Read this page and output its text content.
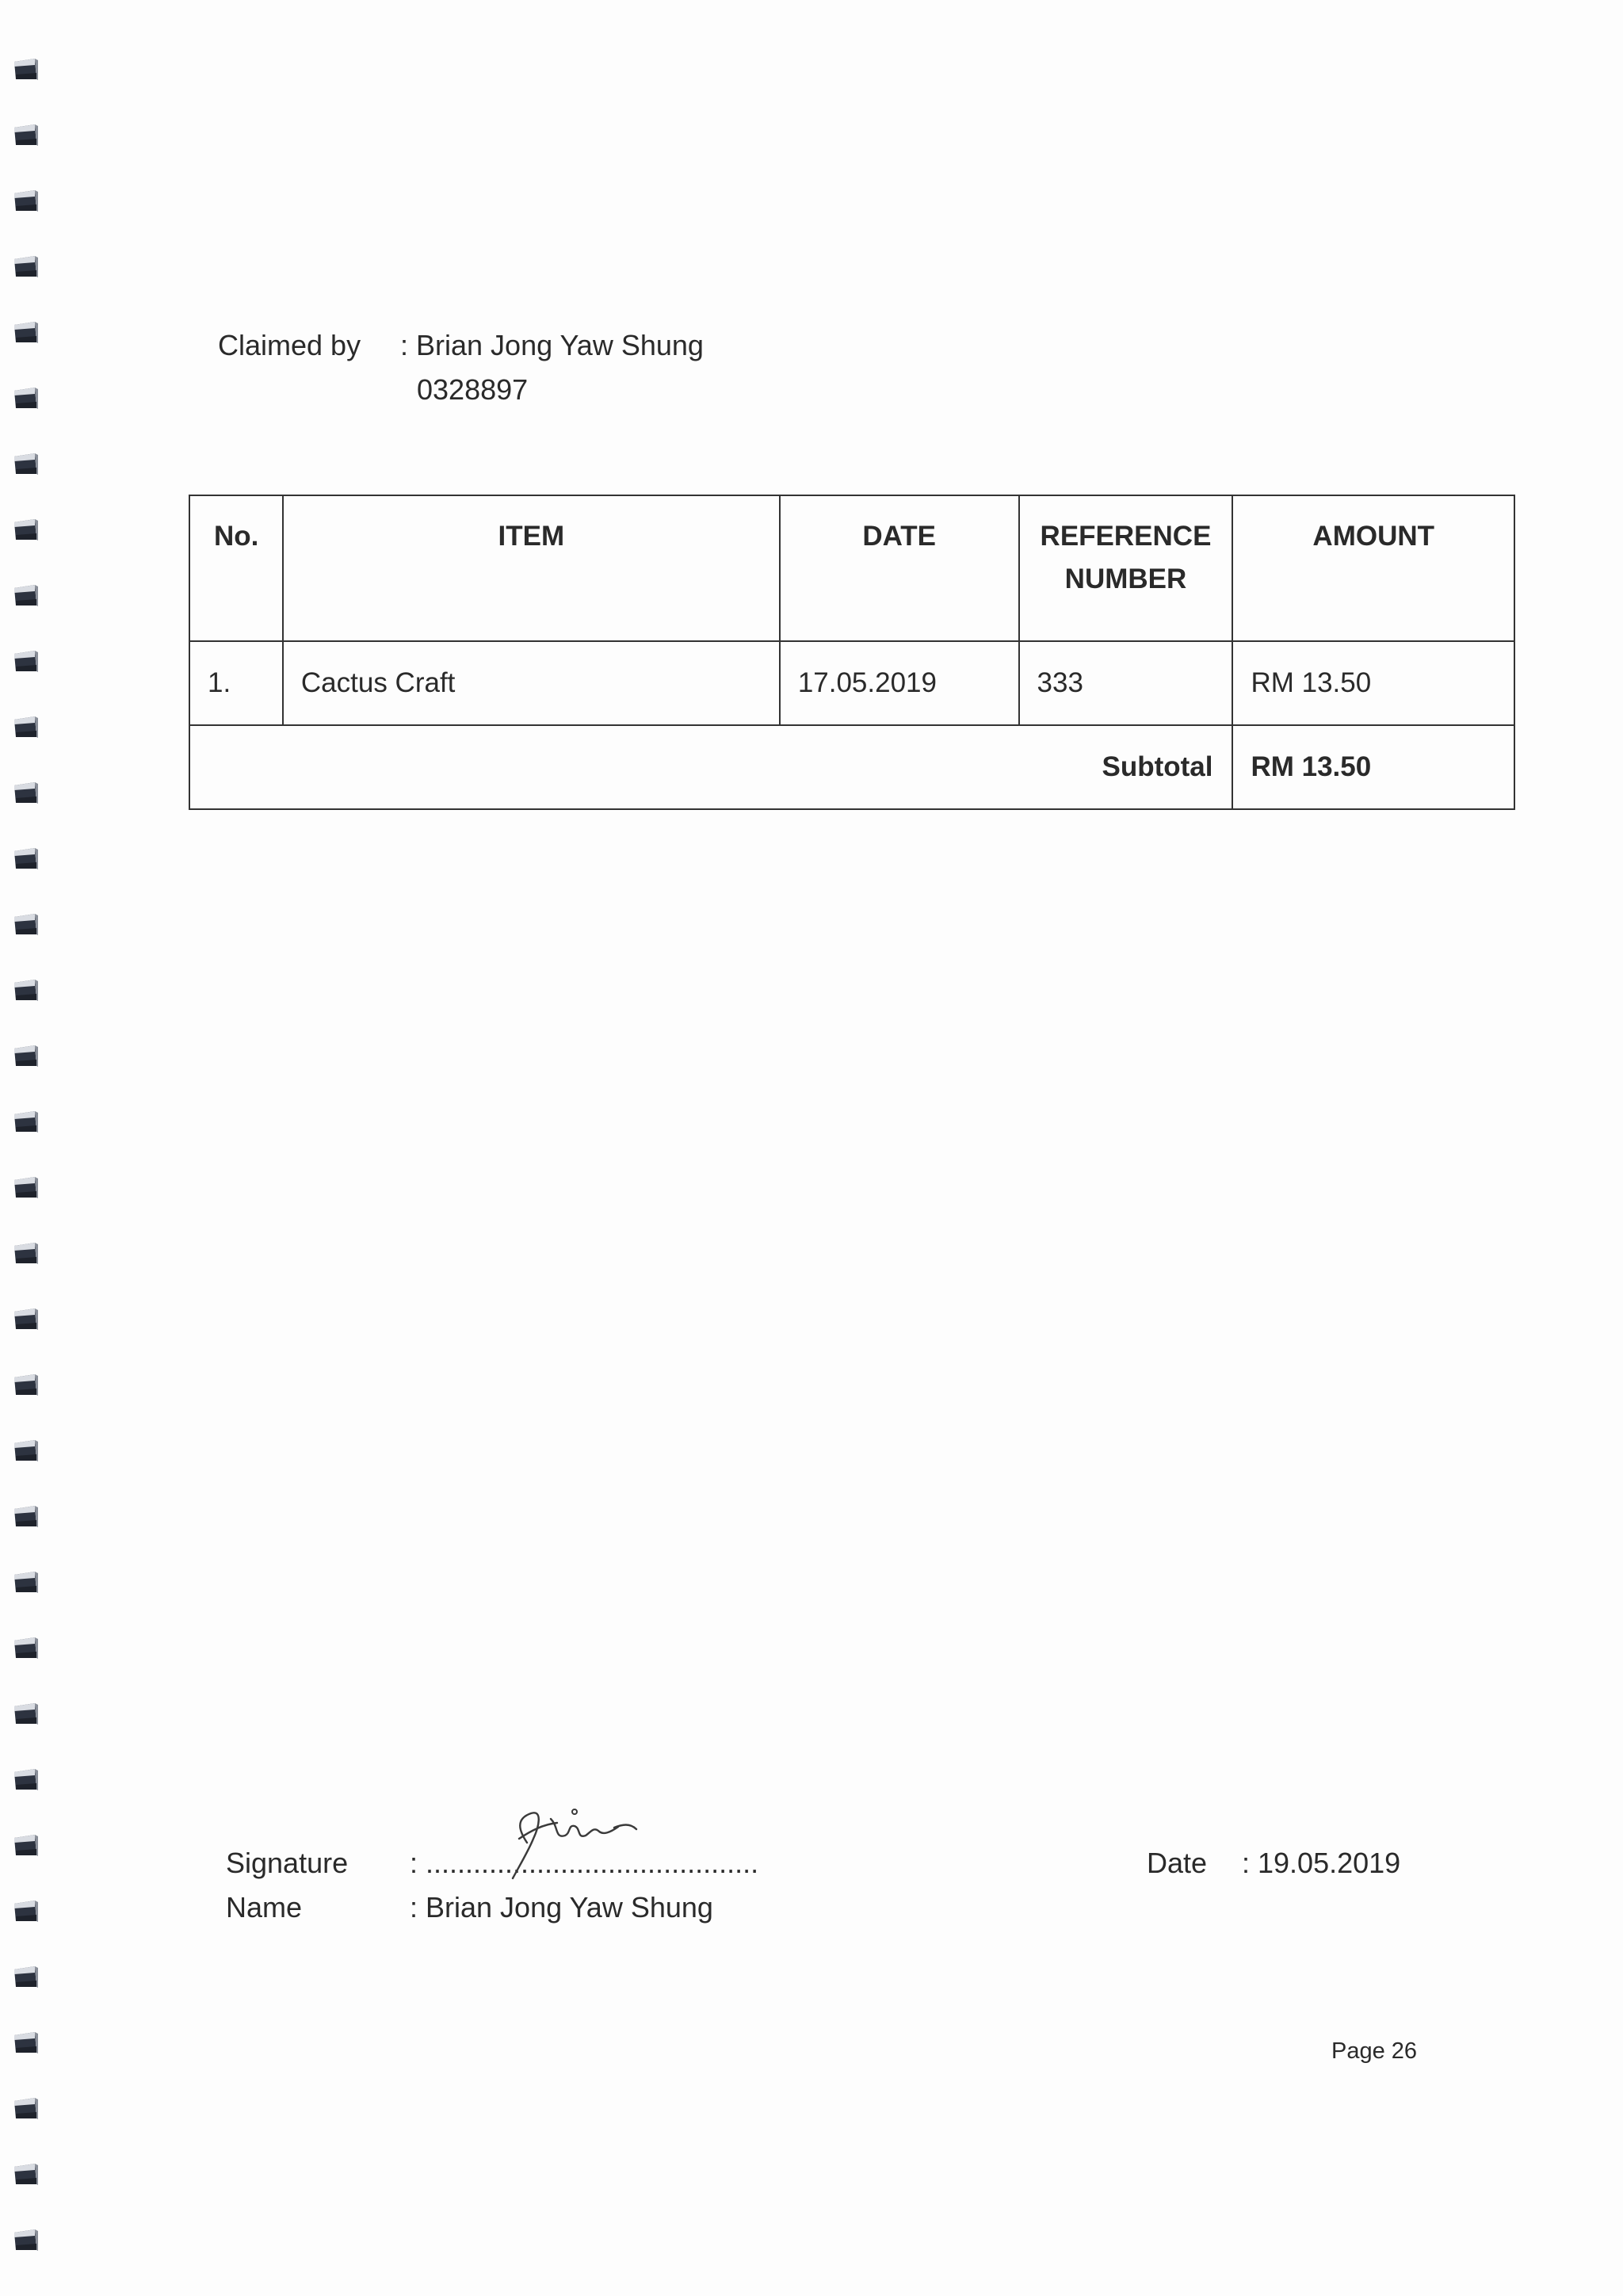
Claimed by : Brian Jong Yaw Shung
0328897
No.	ITEM	DATE	REFERENCE NUMBER	AMOUNT
1.	Cactus Craft	17.05.2019	333	RM 13.50
Subtotal				RM 13.50
Signature : ..........................................
Name	: Brian Jong Yaw Shung
Date : 19.05.2019
Page 26
